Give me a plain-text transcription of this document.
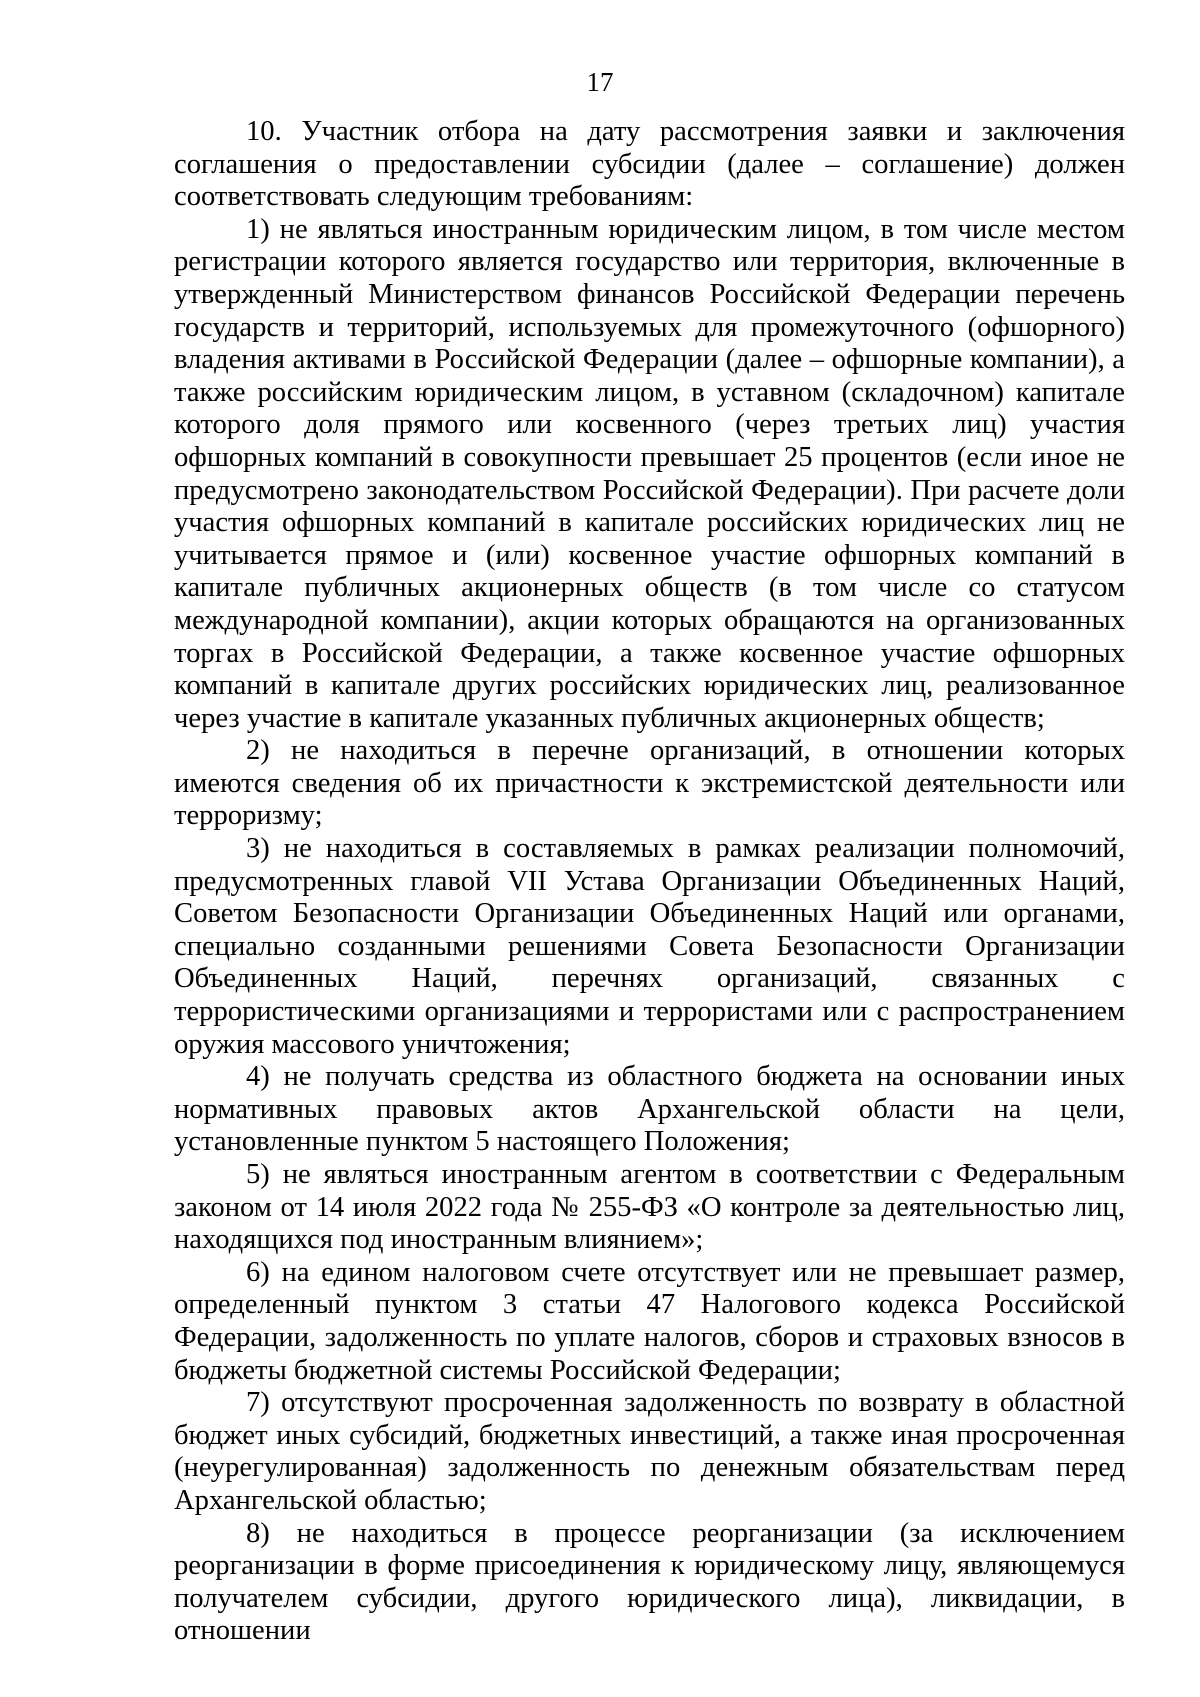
17

10. Участник отбора на дату рассмотрения заявки и заключения соглашения о предоставлении субсидии (далее – соглашение) должен соответствовать следующим требованиям:

1) не являться иностранным юридическим лицом, в том числе местом регистрации которого является государство или территория, включенные в утвержденный Министерством финансов Российской Федерации перечень государств и территорий, используемых для промежуточного (офшорного) владения активами в Российской Федерации (далее – офшорные компании), а также российским юридическим лицом, в уставном (складочном) капитале которого доля прямого или косвенного (через третьих лиц) участия офшорных компаний в совокупности превышает 25 процентов (если иное не предусмотрено законодательством Российской Федерации). При расчете доли участия офшорных компаний в капитале российских юридических лиц не учитывается прямое и (или) косвенное участие офшорных компаний в капитале публичных акционерных обществ (в том числе со статусом международной компании), акции которых обращаются на организованных торгах в Российской Федерации, а также косвенное участие офшорных компаний в капитале других российских юридических лиц, реализованное через участие в капитале указанных публичных акционерных обществ;

2) не находиться в перечне организаций, в отношении которых имеются сведения об их причастности к экстремистской деятельности или терроризму;

3) не находиться в составляемых в рамках реализации полномочий, предусмотренных главой VII Устава Организации Объединенных Наций, Советом Безопасности Организации Объединенных Наций или органами, специально созданными решениями Совета Безопасности Организации Объединенных Наций, перечнях организаций, связанных с террористическими организациями и террористами или с распространением оружия массового уничтожения;

4) не получать средства из областного бюджета на основании иных нормативных правовых актов Архангельской области на цели, установленные пунктом 5 настоящего Положения;

5) не являться иностранным агентом в соответствии с Федеральным законом от 14 июля 2022 года № 255-ФЗ «О контроле за деятельностью лиц, находящихся под иностранным влиянием»;

6) на едином налоговом счете отсутствует или не превышает размер, определенный пунктом 3 статьи 47 Налогового кодекса Российской Федерации, задолженность по уплате налогов, сборов и страховых взносов в бюджеты бюджетной системы Российской Федерации;

7) отсутствуют просроченная задолженность по возврату в областной бюджет иных субсидий, бюджетных инвестиций, а также иная просроченная (неурегулированная) задолженность по денежным обязательствам перед Архангельской областью;

8) не находиться в процессе реорганизации (за исключением реорганизации в форме присоединения к юридическому лицу, являющемуся получателем субсидии, другого юридического лица), ликвидации, в отношении
